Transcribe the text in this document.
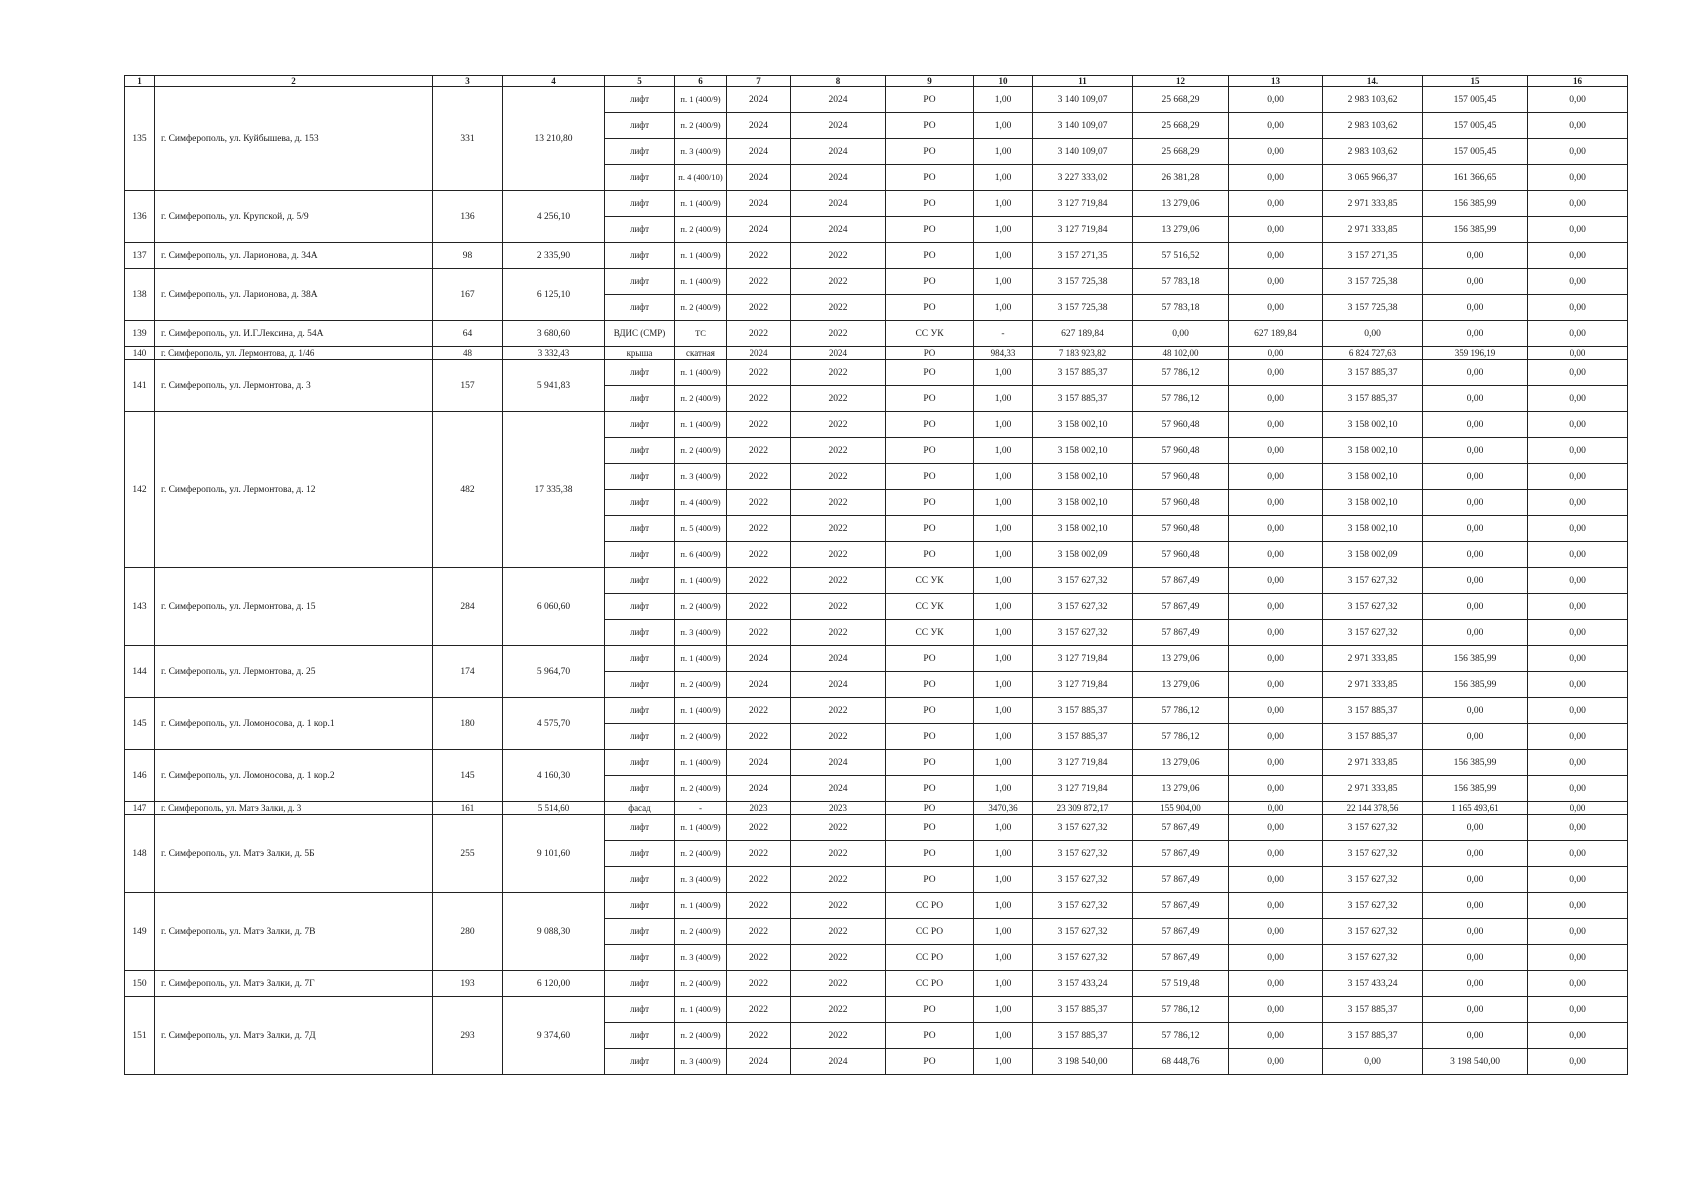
1	2	3	4	5	6	7	8	9	10	11	12	13	14.	15	16
135	г. Симферополь, ул. Куйбышева, д. 153	331	13 210,80	лифт	п. 1 (400/9)	2024	2024	РО	1,00	3 140 109,07	25 668,29	0,00	2 983 103,62	157 005,45	0,00
				лифт	п. 2 (400/9)	2024	2024	РО	1,00	3 140 109,07	25 668,29	0,00	2 983 103,62	157 005,45	0,00
				лифт	п. 3 (400/9)	2024	2024	РО	1,00	3 140 109,07	25 668,29	0,00	2 983 103,62	157 005,45	0,00
				лифт	п. 4 (400/10)	2024	2024	РО	1,00	3 227 333,02	26 381,28	0,00	3 065 966,37	161 366,65	0,00
136	г. Симферополь, ул. Крупской, д. 5/9	136	4 256,10	лифт	п. 1 (400/9)	2024	2024	РО	1,00	3 127 719,84	13 279,06	0,00	2 971 333,85	156 385,99	0,00
				лифт	п. 2 (400/9)	2024	2024	РО	1,00	3 127 719,84	13 279,06	0,00	2 971 333,85	156 385,99	0,00
137	г. Симферополь, ул. Ларионова, д. 34А	98	2 335,90	лифт	п. 1 (400/9)	2022	2022	РО	1,00	3 157 271,35	57 516,52	0,00	3 157 271,35	0,00	0,00
138	г. Симферополь, ул. Ларионова, д. 38А	167	6 125,10	лифт	п. 1 (400/9)	2022	2022	РО	1,00	3 157 725,38	57 783,18	0,00	3 157 725,38	0,00	0,00
				лифт	п. 2 (400/9)	2022	2022	РО	1,00	3 157 725,38	57 783,18	0,00	3 157 725,38	0,00	0,00
139	г. Симферополь, ул. И.Г.Лексина, д. 54А	64	3 680,60	ВДИС (СМР)	ТС	2022	2022	СС УК	-	627 189,84	0,00	627 189,84	0,00	0,00	0,00
140	г. Симферополь, ул. Лермонтова, д. 1/46	48	3 332,43	крыша	скатная	2024	2024	РО	984,33	7 183 923,82	48 102,00	0,00	6 824 727,63	359 196,19	0,00
141	г. Симферополь, ул. Лермонтова, д. 3	157	5 941,83	лифт	п. 1 (400/9)	2022	2022	РО	1,00	3 157 885,37	57 786,12	0,00	3 157 885,37	0,00	0,00
				лифт	п. 2 (400/9)	2022	2022	РО	1,00	3 157 885,37	57 786,12	0,00	3 157 885,37	0,00	0,00
142	г. Симферополь, ул. Лермонтова, д. 12	482	17 335,38	лифт	п. 1 (400/9)	2022	2022	РО	1,00	3 158 002,10	57 960,48	0,00	3 158 002,10	0,00	0,00
				лифт	п. 2 (400/9)	2022	2022	РО	1,00	3 158 002,10	57 960,48	0,00	3 158 002,10	0,00	0,00
				лифт	п. 3 (400/9)	2022	2022	РО	1,00	3 158 002,10	57 960,48	0,00	3 158 002,10	0,00	0,00
				лифт	п. 4 (400/9)	2022	2022	РО	1,00	3 158 002,10	57 960,48	0,00	3 158 002,10	0,00	0,00
				лифт	п. 5 (400/9)	2022	2022	РО	1,00	3 158 002,10	57 960,48	0,00	3 158 002,10	0,00	0,00
				лифт	п. 6 (400/9)	2022	2022	РО	1,00	3 158 002,09	57 960,48	0,00	3 158 002,09	0,00	0,00
143	г. Симферополь, ул. Лермонтова, д. 15	284	6 060,60	лифт	п. 1 (400/9)	2022	2022	СС УК	1,00	3 157 627,32	57 867,49	0,00	3 157 627,32	0,00	0,00
				лифт	п. 2 (400/9)	2022	2022	СС УК	1,00	3 157 627,32	57 867,49	0,00	3 157 627,32	0,00	0,00
				лифт	п. 3 (400/9)	2022	2022	СС УК	1,00	3 157 627,32	57 867,49	0,00	3 157 627,32	0,00	0,00
144	г. Симферополь, ул. Лермонтова, д. 25	174	5 964,70	лифт	п. 1 (400/9)	2024	2024	РО	1,00	3 127 719,84	13 279,06	0,00	2 971 333,85	156 385,99	0,00
				лифт	п. 2 (400/9)	2024	2024	РО	1,00	3 127 719,84	13 279,06	0,00	2 971 333,85	156 385,99	0,00
145	г. Симферополь, ул. Ломоносова, д. 1 кор.1	180	4 575,70	лифт	п. 1 (400/9)	2022	2022	РО	1,00	3 157 885,37	57 786,12	0,00	3 157 885,37	0,00	0,00
				лифт	п. 2 (400/9)	2022	2022	РО	1,00	3 157 885,37	57 786,12	0,00	3 157 885,37	0,00	0,00
146	г. Симферополь, ул. Ломоносова, д. 1 кор.2	145	4 160,30	лифт	п. 1 (400/9)	2024	2024	РО	1,00	3 127 719,84	13 279,06	0,00	2 971 333,85	156 385,99	0,00
				лифт	п. 2 (400/9)	2024	2024	РО	1,00	3 127 719,84	13 279,06	0,00	2 971 333,85	156 385,99	0,00
147	г. Симферополь, ул. Матэ Залки, д. 3	161	5 514,60	фасад	-	2023	2023	РО	3470,36	23 309 872,17	155 904,00	0,00	22 144 378,56	1 165 493,61	0,00
148	г. Симферополь, ул. Матэ Залки, д. 5Б	255	9 101,60	лифт	п. 1 (400/9)	2022	2022	РО	1,00	3 157 627,32	57 867,49	0,00	3 157 627,32	0,00	0,00
				лифт	п. 2 (400/9)	2022	2022	РО	1,00	3 157 627,32	57 867,49	0,00	3 157 627,32	0,00	0,00
				лифт	п. 3 (400/9)	2022	2022	РО	1,00	3 157 627,32	57 867,49	0,00	3 157 627,32	0,00	0,00
149	г. Симферополь, ул. Матэ Залки, д. 7В	280	9 088,30	лифт	п. 1 (400/9)	2022	2022	СС РО	1,00	3 157 627,32	57 867,49	0,00	3 157 627,32	0,00	0,00
				лифт	п. 2 (400/9)	2022	2022	СС РО	1,00	3 157 627,32	57 867,49	0,00	3 157 627,32	0,00	0,00
				лифт	п. 3 (400/9)	2022	2022	СС РО	1,00	3 157 627,32	57 867,49	0,00	3 157 627,32	0,00	0,00
150	г. Симферополь, ул. Матэ Залки, д. 7Г	193	6 120,00	лифт	п. 2 (400/9)	2022	2022	СС РО	1,00	3 157 433,24	57 519,48	0,00	3 157 433,24	0,00	0,00
151	г. Симферополь, ул. Матэ Залки, д. 7Д	293	9 374,60	лифт	п. 1 (400/9)	2022	2022	РО	1,00	3 157 885,37	57 786,12	0,00	3 157 885,37	0,00	0,00
				лифт	п. 2 (400/9)	2022	2022	РО	1,00	3 157 885,37	57 786,12	0,00	3 157 885,37	0,00	0,00
				лифт	п. 3 (400/9)	2024	2024	РО	1,00	3 198 540,00	68 448,76	0,00	0,00	3 198 540,00	0,00
